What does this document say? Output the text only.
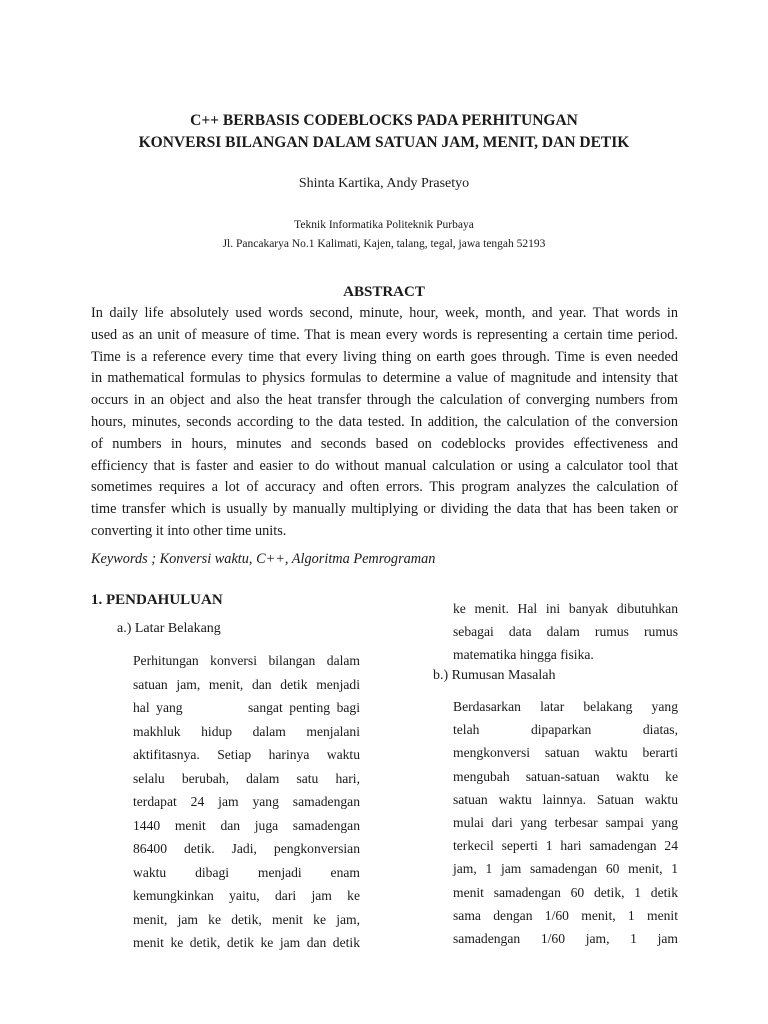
C++ BERBASIS CODEBLOCKS PADA PERHITUNGAN
KONVERSI BILANGAN DALAM SATUAN JAM, MENIT, DAN DETIK
Shinta Kartika, Andy Prasetyo
Teknik Informatika Politeknik Purbaya
Jl. Pancakarya No.1 Kalimati, Kajen, talang, tegal, jawa tengah 52193
ABSTRACT
In daily life absolutely used words second, minute, hour, week, month, and year. That words in
used as an unit of measure of time. That is mean every words is representing a certain time period.
Time is a reference every time that every living thing on earth goes through. Time is even needed
in mathematical formulas to physics formulas to determine a value of magnitude and intensity that
occurs in an object and also the heat transfer through the calculation of converging numbers from
hours, minutes, seconds according to the data tested. In addition, the calculation of the conversion
of numbers in hours, minutes and seconds based on codeblocks provides effectiveness and
efficiency that is faster and easier to do without manual calculation or using a calculator tool that
sometimes requires a lot of accuracy and often errors. This program analyzes the calculation of
time transfer which is usually by manually multiplying or dividing the data that has been taken or
converting it into other time units.
Keywords ; Konversi waktu, C++, Algoritma Pemrograman
1. PENDAHULUAN
a.) Latar Belakang
Perhitungan konversi bilangan dalam
satuan jam, menit, dan detik menjadi
hal yang          sangat penting bagi
makhluk hidup dalam menjalani
aktifitasnya. Setiap harinya waktu
selalu berubah, dalam satu hari,
terdapat 24 jam yang samadengan
1440 menit dan juga samadengan
86400 detik. Jadi, pengkonversian
waktu dibagi menjadi enam
kemungkinkan yaitu, dari jam ke
menit, jam ke detik, menit ke jam,
menit ke detik, detik ke jam dan detik
ke menit. Hal ini banyak dibutuhkan
sebagai data dalam rumus rumus
matematika hingga fisika.
b.) Rumusan Masalah
Berdasarkan latar belakang yang
telah dipaparkan diatas,
mengkonversi satuan waktu berarti
mengubah satuan-satuan waktu ke
satuan waktu lainnya. Satuan waktu
mulai dari yang terbesar sampai yang
terkecil seperti 1 hari samadengan 24
jam, 1 jam samadengan 60 menit, 1
menit samadengan 60 detik, 1 detik
sama dengan 1/60 menit, 1 menit
samadengan 1/60 jam, 1 jam
